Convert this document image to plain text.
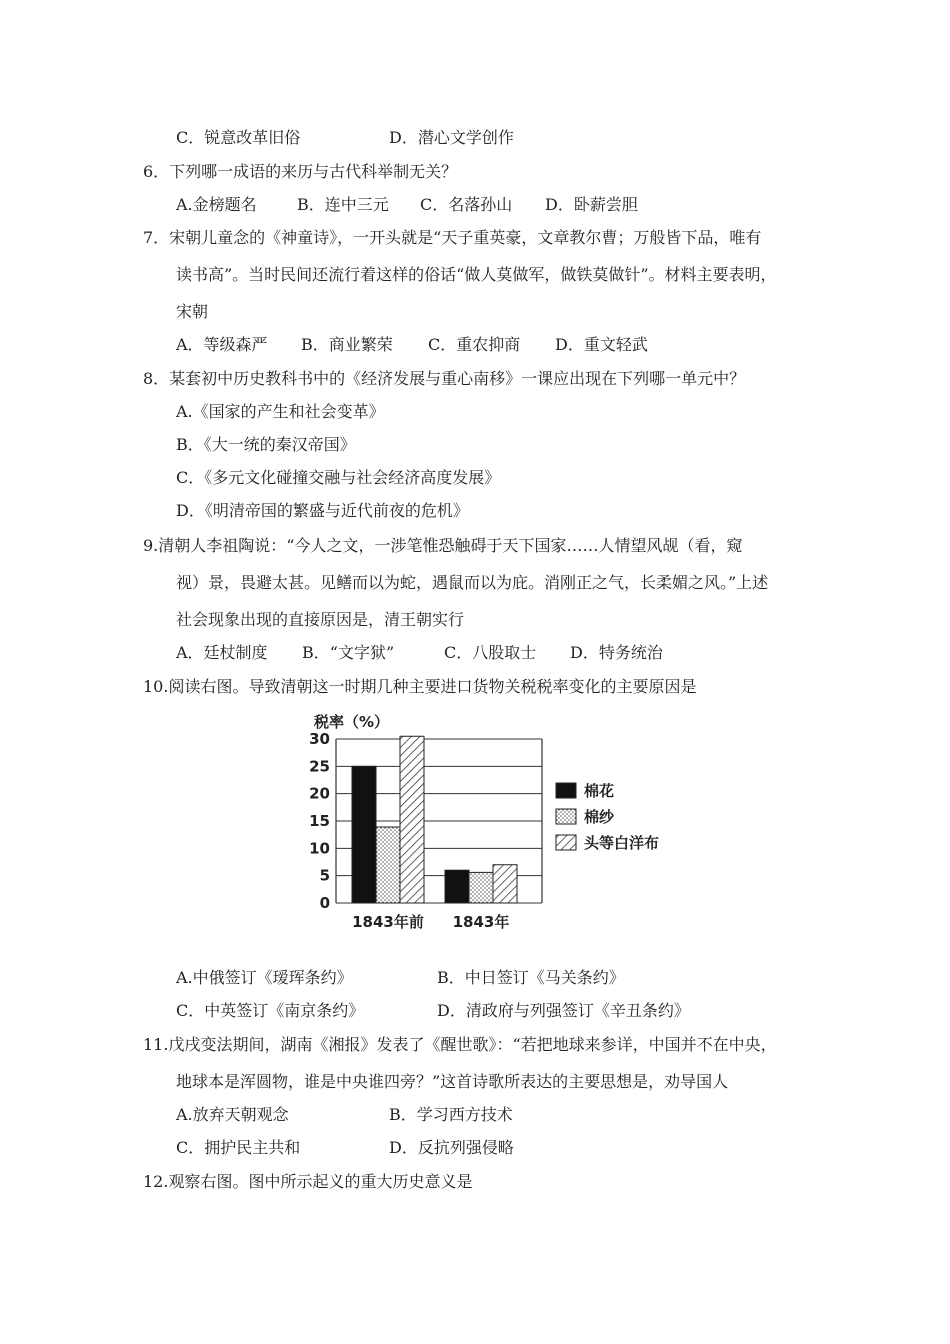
C．锐意改革旧俗	D．潜心文学创作
6．下列哪一成语的来历与古代科举制无关？
A.金榜题名	B．连中三元 C．名落孙山 D．卧薪尝胆
7．宋朝儿童念的《神童诗》，一开头就是“天子重英豪，文章教尔曹；万般皆下品，唯有
读书高”。当时民间还流行着这样的俗话“做人莫做军，做铁莫做针”。材料主要表明，
宋朝
A．等级森严 B．商业繁荣 C．重农抑商 D．重文轻武
8．某套初中历史教科书中的《经济发展与重心南移》一课应出现在下列哪一单元中？
A.《国家的产生和社会变革》
B．《大一统的秦汉帝国》
C．《多元文化碰撞交融与社会经济高度发展》
D．《明清帝国的繁盛与近代前夜的危机》
9.清朝人李祖陶说：“今人之文，一涉笔惟恐触碍于天下国家……人情望风觇（看，窥
视）景，畏避太甚。见鳝而以为蛇，遇鼠而以为庇。消刚正之气，长柔媚之风。”上述
社会现象出现的直接原因是，清王朝实行
A．廷杖制度 B．“文字狱”	C．八股取士 D．特务统治
10.阅读右图。导致清朝这一时期几种主要进口货物关税税率变化的主要原因是
税率（%）
0
5
10
15
20
25
30
1843年前 1843年
棉花
棉纱
头等白洋布
A.中俄签订《瑷珲条约》	B．中日签订《马关条约》
C．中英签订《南京条约》	D．清政府与列强签订《辛丑条约》
11.戊戌变法期间，湖南《湘报》发表了《醒世歌》：“若把地球来参详，中国并不在中央，
地球本是浑圆物，谁是中央谁四旁？”这首诗歌所表达的主要思想是，劝导国人
A.放弃天朝观念	B．学习西方技术
C．拥护民主共和	D．反抗列强侵略
12.观察右图。图中所示起义的重大历史意义是
